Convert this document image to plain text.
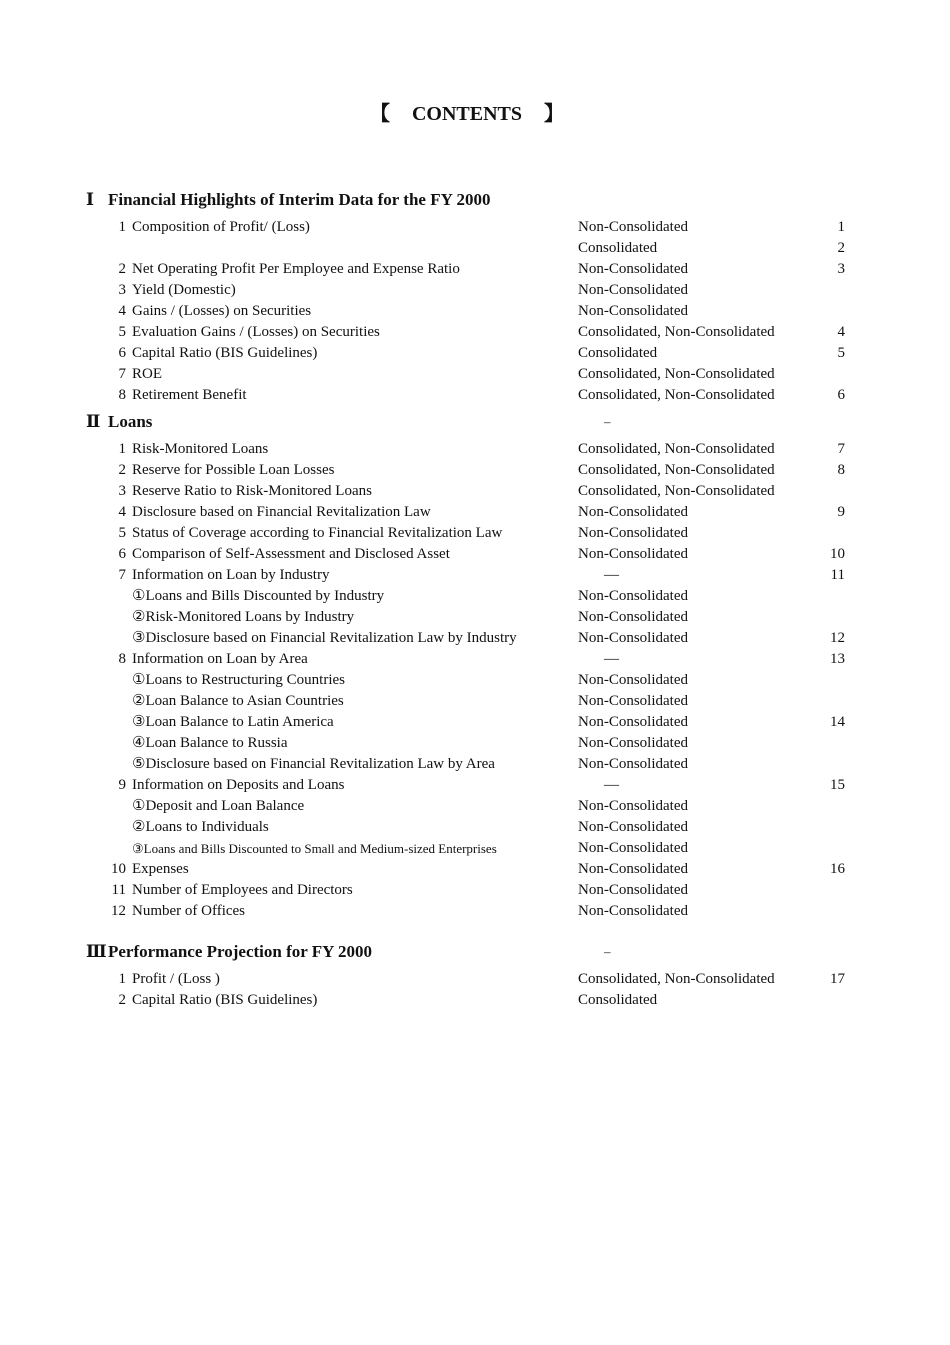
【 CONTENTS 】
Ⅰ Financial Highlights of Interim Data for the FY 2000
1 Composition of Profit/ (Loss)	Non-Consolidated	1
Consolidated	2
2 Net Operating Profit Per Employee and Expense Ratio	Non-Consolidated	3
3 Yield (Domestic)	Non-Consolidated
4 Gains / (Losses) on Securities	Non-Consolidated
5 Evaluation Gains / (Losses) on Securities	Consolidated, Non-Consolidated	4
6 Capital Ratio (BIS Guidelines)	Consolidated	5
7 ROE	Consolidated, Non-Consolidated
8 Retirement Benefit	Consolidated, Non-Consolidated	6
Ⅱ Loans	–
1 Risk-Monitored Loans	Consolidated, Non-Consolidated	7
2 Reserve for Possible Loan Losses	Consolidated, Non-Consolidated	8
3 Reserve Ratio to Risk-Monitored Loans	Consolidated, Non-Consolidated
4 Disclosure based on Financial Revitalization Law	Non-Consolidated	9
5 Status of Coverage according to Financial Revitalization Law	Non-Consolidated
6 Comparison of Self-Assessment and Disclosed Asset	Non-Consolidated	10
7 Information on Loan by Industry	—	11
①Loans and Bills Discounted by Industry	Non-Consolidated
②Risk-Monitored Loans by Industry	Non-Consolidated
③Disclosure based on Financial Revitalization Law by Industry	Non-Consolidated	12
8 Information on Loan by Area	—	13
①Loans to Restructuring Countries	Non-Consolidated
②Loan Balance to Asian Countries	Non-Consolidated
③Loan Balance to Latin America	Non-Consolidated	14
④Loan Balance to Russia	Non-Consolidated
⑤Disclosure based on Financial Revitalization Law by Area	Non-Consolidated
9 Information on Deposits and Loans	—	15
①Deposit and Loan Balance	Non-Consolidated
②Loans to Individuals	Non-Consolidated
③Loans and Bills Discounted to Small and Medium-sized Enterprises	Non-Consolidated
10 Expenses	Non-Consolidated	16
11 Number of Employees and Directors	Non-Consolidated
12 Number of Offices	Non-Consolidated
Ⅲ Performance Projection for FY 2000	–
1 Profit / (Loss )	Consolidated, Non-Consolidated	17
2 Capital Ratio (BIS Guidelines)	Consolidated
